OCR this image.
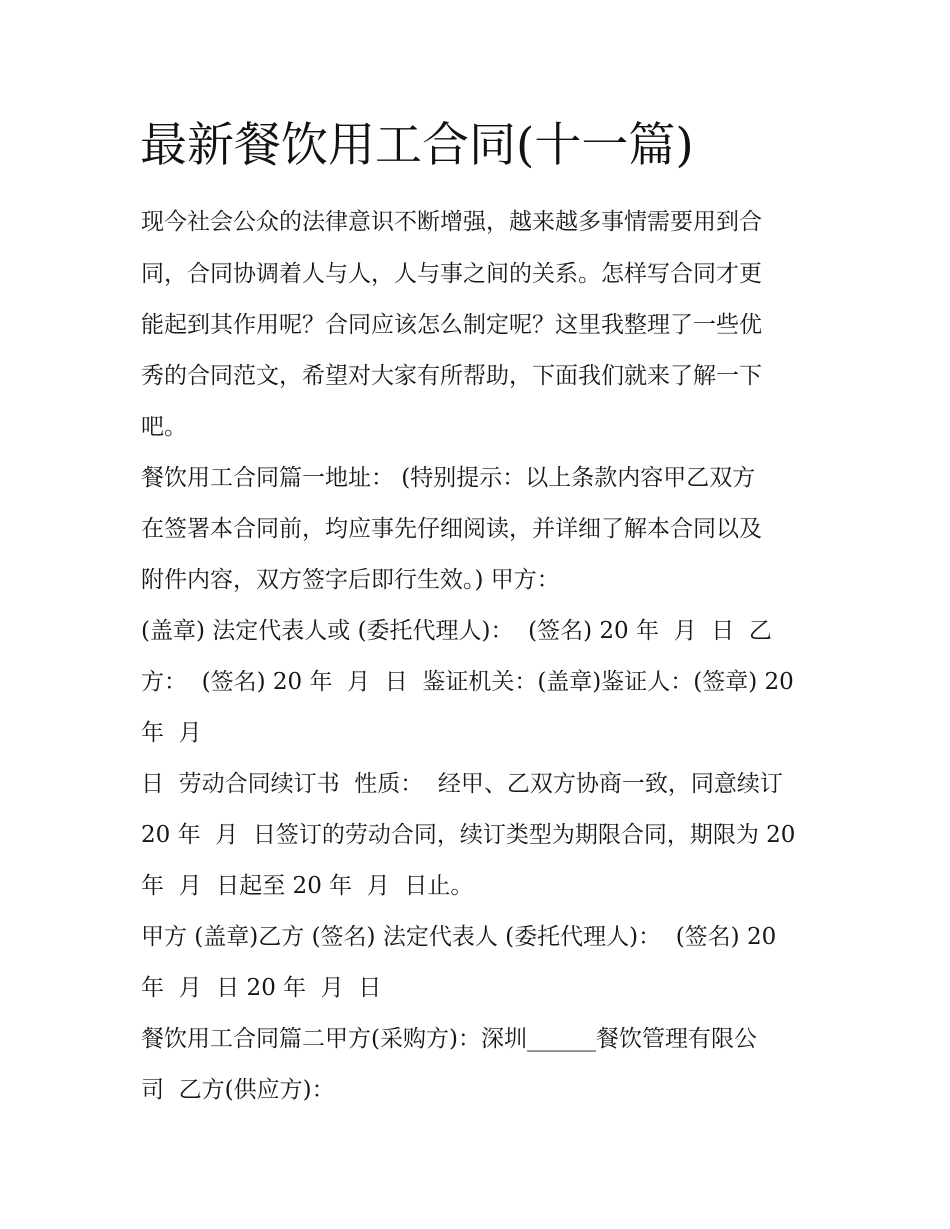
最新餐饮用工合同(十一篇)

现今社会公众的法律意识不断增强，越来越多事情需要用到合

同，合同协调着人与人，人与事之间的关系。怎样写合同才更

能起到其作用呢？合同应该怎么制定呢？这里我整理了一些优

秀的合同范文，希望对大家有所帮助，下面我们就来了解一下

吧。

餐饮用工合同篇一地址： (特别提示：以上条款内容甲乙双方

在签署本合同前，均应事先仔细阅读，并详细了解本合同以及

附件内容，双方签字后即行生效。) 甲方：

(盖章) 法定代表人或 (委托代理人)：  (签名) 20 年  月  日  乙

方：  (签名) 20 年  月  日  鉴证机关：(盖章)鉴证人：(签章) 20

年  月

日  劳动合同续订书  性质：  经甲、乙双方协商一致，同意续订

20 年  月  日签订的劳动合同，续订类型为期限合同，期限为 20

年  月  日起至 20 年  月  日止。

甲方 (盖章)乙方 (签名) 法定代表人 (委托代理人)：  (签名) 20

年  月  日 20 年  月  日

餐饮用工合同篇二甲方(采购方)：深圳______餐饮管理有限公

司  乙方(供应方)：
